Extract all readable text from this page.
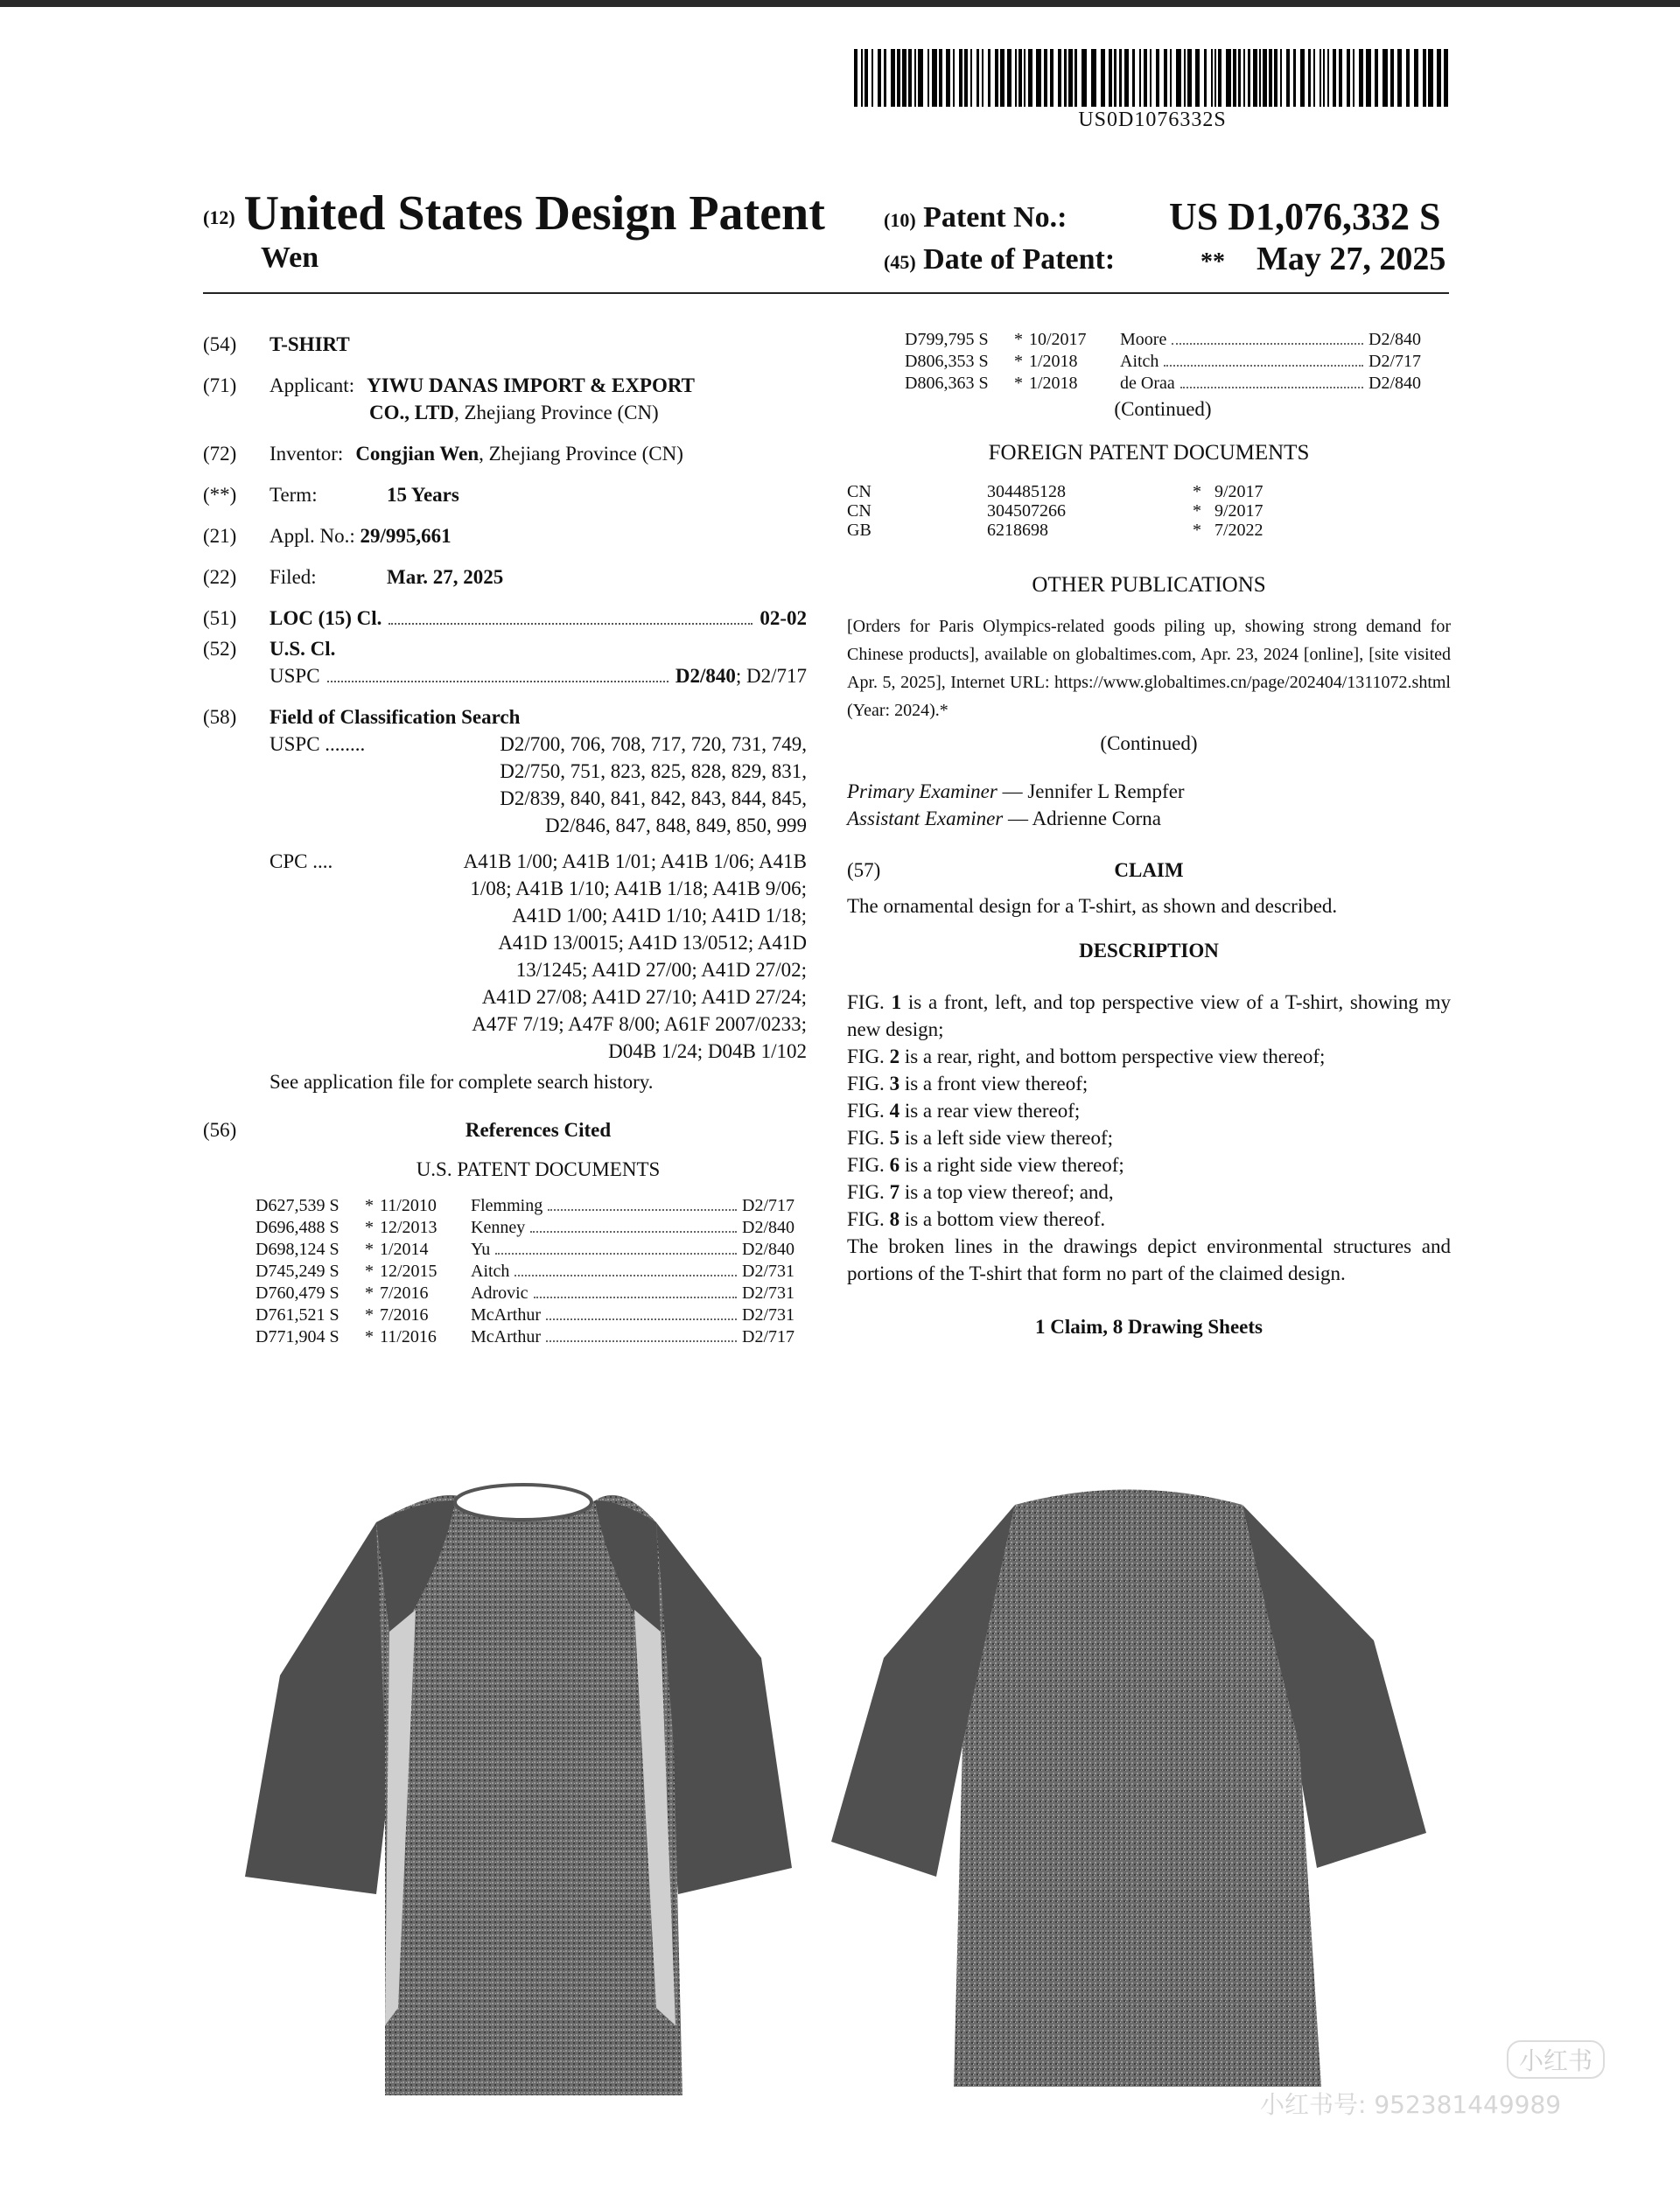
US0D1076332S
(12) United States Design Patent
Wen
(10) Patent No.:	US D1,076,332 S
(45) Date of Patent:	** May 27, 2025
(54) T-SHIRT
(71) Applicant: YIWU DANAS IMPORT & EXPORT
CO., LTD, Zhejiang Province (CN)
(72) Inventor: Congjian Wen, Zhejiang Province (CN)
(**) Term:	15 Years
(21) Appl. No.: 29/995,661
(22) Filed:	Mar. 27, 2025
(51) LOC (15) Cl.	02-02
(52) U.S. Cl.
USPC	D2/840; D2/717
(58) Field of Classification Search
USPC ........	D2/700, 706, 708, 717, 720, 731, 749,
D2/750, 751, 823, 825, 828, 829, 831,
D2/839, 840, 841, 842, 843, 844, 845,
D2/846, 847, 848, 849, 850, 999
CPC ....	A41B 1/00; A41B 1/01; A41B 1/06; A41B
1/08; A41B 1/10; A41B 1/18; A41B 9/06;
A41D 1/00; A41D 1/10; A41D 1/18;
A41D 13/0015; A41D 13/0512; A41D
13/1245; A41D 27/00; A41D 27/02;
A41D 27/08; A41D 27/10; A41D 27/24;
A47F 7/19; A47F 8/00; A61F 2007/0233;
D04B 1/24; D04B 1/102
See application file for complete search history.
(56)	References Cited
U.S. PATENT DOCUMENTS
D627,539 S	* 11/2010	Flemming	D2/717
D696,488 S	* 12/2013	Kenney	D2/840
D698,124 S	* 1/2014	Yu	D2/840
D745,249 S	* 12/2015	Aitch	D2/731
D760,479 S	* 7/2016	Adrovic	D2/731
D761,521 S	* 7/2016	McArthur	D2/731
D771,904 S	* 11/2016	McArthur	D2/717
D799,795 S	* 10/2017	Moore	D2/840
D806,353 S	* 1/2018	Aitch	D2/717
D806,363 S	* 1/2018	de Oraa	D2/840
(Continued)
FOREIGN PATENT DOCUMENTS
CN	304485128	* 9/2017
CN	304507266	* 9/2017
GB	6218698	* 7/2022
OTHER PUBLICATIONS
[Orders for Paris Olympics-related goods piling up, showing strong demand for Chinese products], available on globaltimes.com, Apr. 23, 2024 [online], [site visited Apr. 5, 2025], Internet URL: https://www.globaltimes.cn/page/202404/1311072.shtml (Year: 2024).*
(Continued)
Primary Examiner — Jennifer L Rempfer
Assistant Examiner — Adrienne Corna
(57)	CLAIM
The ornamental design for a T-shirt, as shown and described.
DESCRIPTION
FIG. 1 is a front, left, and top perspective view of a T-shirt, showing my new design;
FIG. 2 is a rear, right, and bottom perspective view thereof;
FIG. 3 is a front view thereof;
FIG. 4 is a rear view thereof;
FIG. 5 is a left side view thereof;
FIG. 6 is a right side view thereof;
FIG. 7 is a top view thereof; and,
FIG. 8 is a bottom view thereof.
The broken lines in the drawings depict environmental structures and portions of the T-shirt that form no part of the claimed design.
1 Claim, 8 Drawing Sheets
小红书
小红书号: 952381449989
